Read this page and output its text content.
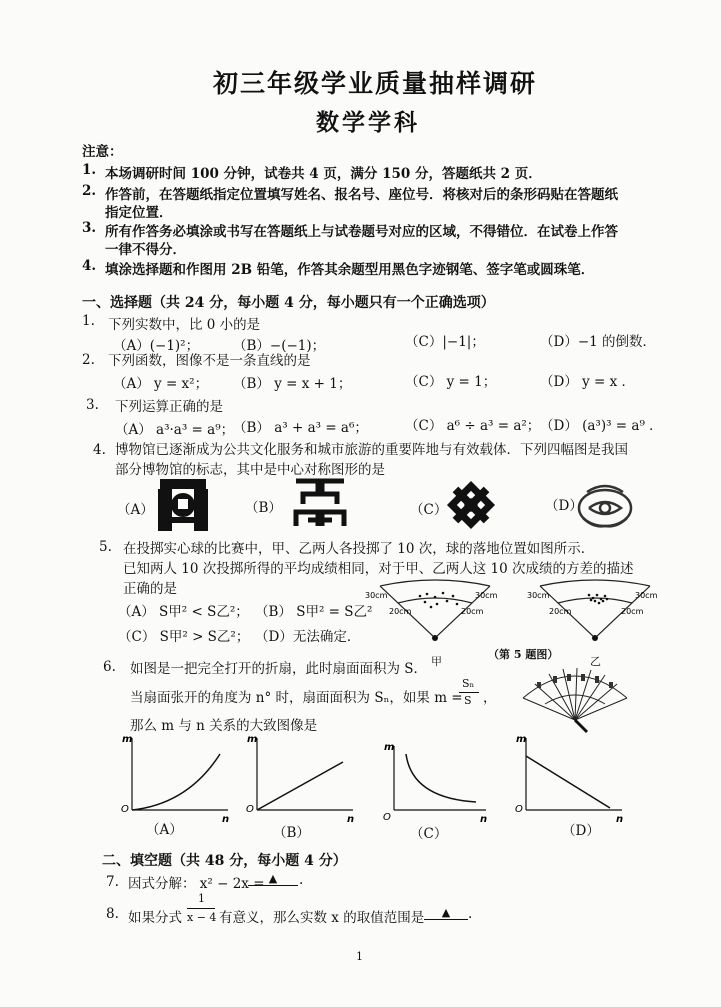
初三年级学业质量抽样调研
数学学科
注意：
1. 本场调研时间 100 分钟，试卷共 4 页，满分 150 分，答题纸共 2 页．
2. 作答前，在答题纸指定位置填写姓名、报名号、座位号．将核对后的条形码贴在答题纸
指定位置．
3. 所有作答务必填涂或书写在答题纸上与试卷题号对应的区域，不得错位．在试卷上作答
一律不得分．
4. 填涂选择题和作图用 2B 铅笔，作答其余题型用黑色字迹钢笔、签字笔或圆珠笔．
一、选择题（共 24 分，每小题 4 分，每小题只有一个正确选项）
1. 下列实数中，比 0 小的是
（A）(−1)²；	（B）−(−1)；	（C）|−1|；	（D）−1 的倒数．
2. 下列函数，图像不是一条直线的是
（A） y = x²； （B） y = x + 1；	（C） y = 1；	（D） y = x ．
3. 下列运算正确的是
（A） a³·a³ = a⁹；
（B） a³ + a³ = a⁶；	（C） a⁶ ÷ a³ = a²； （D） (a³)³ = a⁹ ．
4. 博物馆已逐渐成为公共文化服务和城市旅游的重要阵地与有效载体．下列四幅图是我国
部分博物馆的标志，其中是中心对称图形的是
（A）	（B）	（C）	（D）
5. 在投掷实心球的比赛中，甲、乙两人各投掷了 10 次，球的落地位置如图所示．
已知两人 10 次投掷所得的平均成绩相同，对于甲、乙两人这 10 次成绩的方差的描述
正确的是
（A） S甲² < S乙²； （B） S甲² = S乙²
（C） S甲² > S乙²； （D）无法确定．
30cm	30cm
20cm	20cm
甲
30cm	30cm
20cm	20cm
乙
（第 5 题图）
6. 如图是一把完全打开的折扇，此时扇面面积为 S．
当扇面张开的角度为 n° 时，扇面面积为 Sₙ，如果 m =
Sₙ
S ，
那么 m 与 n 关系的大致图像是
m
n
O
m
n
O
m
n
O
m
n
O
（A）	（B）	（C）	（D）
二、填空题（共 48 分，每小题 4 分）
7. 因式分解： x² − 2x = ▲	.
8. 如果分式
1
x − 4 有意义，那么实数 x 的取值范围是	▲	.
1
